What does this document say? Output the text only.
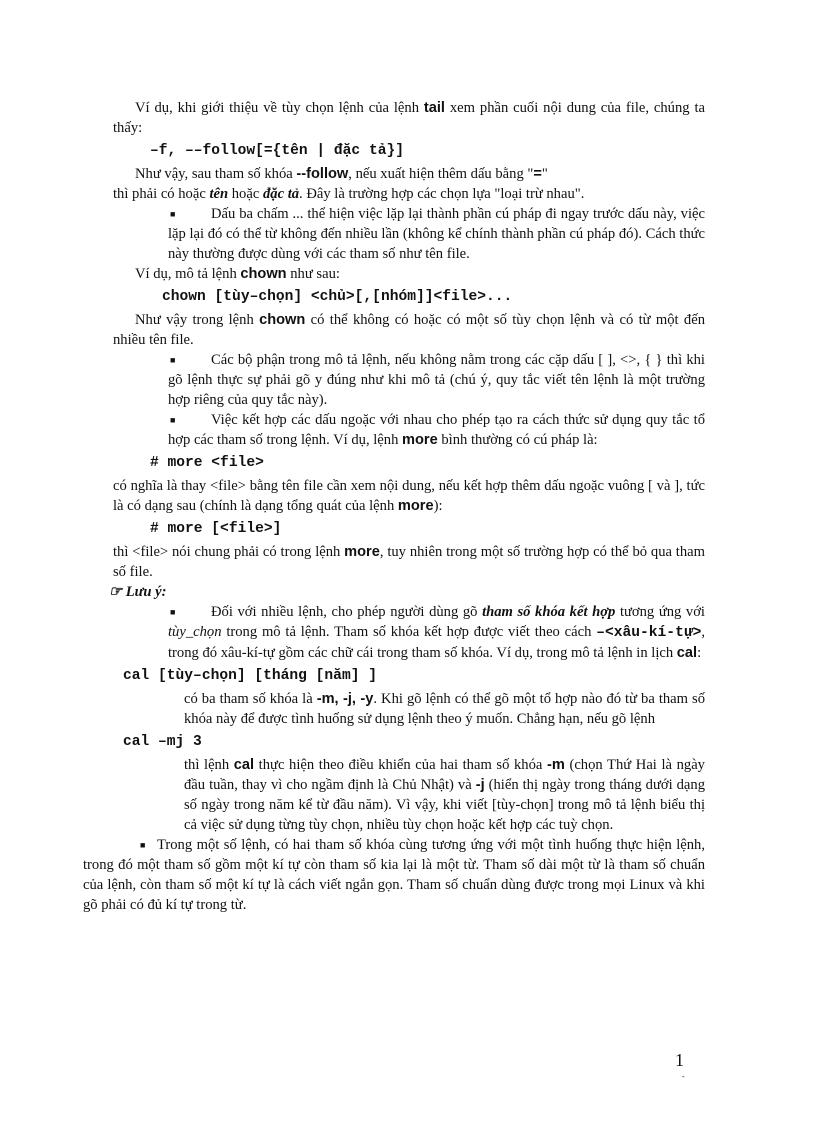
Ví dụ, khi giới thiệu về tùy chọn lệnh của lệnh tail xem phần cuối nội dung của file, chúng ta thấy:

–f, ––follow[={tên | đặc tả}]

Như vậy, sau tham số khóa --follow, nếu xuất hiện thêm dấu bằng "="

thì phải có hoặc tên hoặc đặc tả. Đây là trường hợp các chọn lựa "loại trừ nhau".

■	Dấu ba chấm ... thể hiện việc lặp lại thành phần cú pháp đi ngay trước dấu này, việc lặp lại đó có thể từ không đến nhiều lần (không kể chính thành phần cú pháp đó). Cách thức này thường được dùng với các tham số như tên file.

Ví dụ, mô tả lệnh chown như sau:

chown [tùy–chọn] <chủ>[,[nhóm]]<file>...

Như vậy trong lệnh chown có thể không có hoặc có một số tùy chọn lệnh và có từ một đến nhiều tên file.

■	Các bộ phận trong mô tả lệnh, nếu không nằm trong các cặp dấu [ ], <>, { } thì khi gõ lệnh thực sự phải gõ y đúng như khi mô tả (chú ý, quy tắc viết tên lệnh là một trường hợp riêng của quy tắc này).

■	Việc kết hợp các dấu ngoặc với nhau cho phép tạo ra cách thức sử dụng quy tắc tổ hợp các tham số trong lệnh. Ví dụ, lệnh more bình thường có cú pháp là:

# more <file>

có nghĩa là thay <file> bằng tên file cần xem nội dung, nếu kết hợp thêm dấu ngoặc vuông [ và ], tức là có dạng sau (chính là dạng tổng quát của lệnh more):

# more [<file>]

thì <file> nói chung phải có trong lệnh more, tuy nhiên trong một số trường hợp có thể bỏ qua tham số file.

☞ Lưu ý:

■	Đối với nhiều lệnh, cho phép người dùng gõ tham số khóa kết hợp tương ứng với tùy_chọn trong mô tả lệnh. Tham số khóa kết hợp được viết theo cách –<xâu-kí-tự>, trong đó xâu-kí-tự gồm các chữ cái trong tham số khóa. Ví dụ, trong mô tả lệnh in lịch cal:

cal [tùy–chọn] [tháng [năm] ]

có ba tham số khóa là -m, -j, -y. Khi gõ lệnh có thể gõ một tổ hợp nào đó từ ba tham số khóa này để được tình huống sử dụng lệnh theo ý muốn. Chẳng hạn, nếu gõ lệnh

cal –mj 3

thì lệnh cal thực hiện theo điều khiển của hai tham số khóa -m (chọn Thứ Hai là ngày đầu tuần, thay vì cho ngầm định là Chủ Nhật) và -j (hiển thị ngày trong tháng dưới dạng số ngày trong năm kể từ đầu năm). Vì vậy, khi viết [tùy-chọn] trong mô tả lệnh biểu thị cả việc sử dụng từng tùy chọn, nhiều tùy chọn hoặc kết hợp các tuỳ chọn.

■ Trong một số lệnh, có hai tham số khóa cùng tương ứng với một tình huống thực hiện lệnh, trong đó một tham số gồm một kí tự còn tham số kia lại là một từ. Tham số dài một từ là tham số chuẩn của lệnh, còn tham số một kí tự là cách viết ngắn gọn. Tham số chuẩn dùng được trong mọi Linux và khi gõ phải có đủ kí tự trong từ.

1
-
